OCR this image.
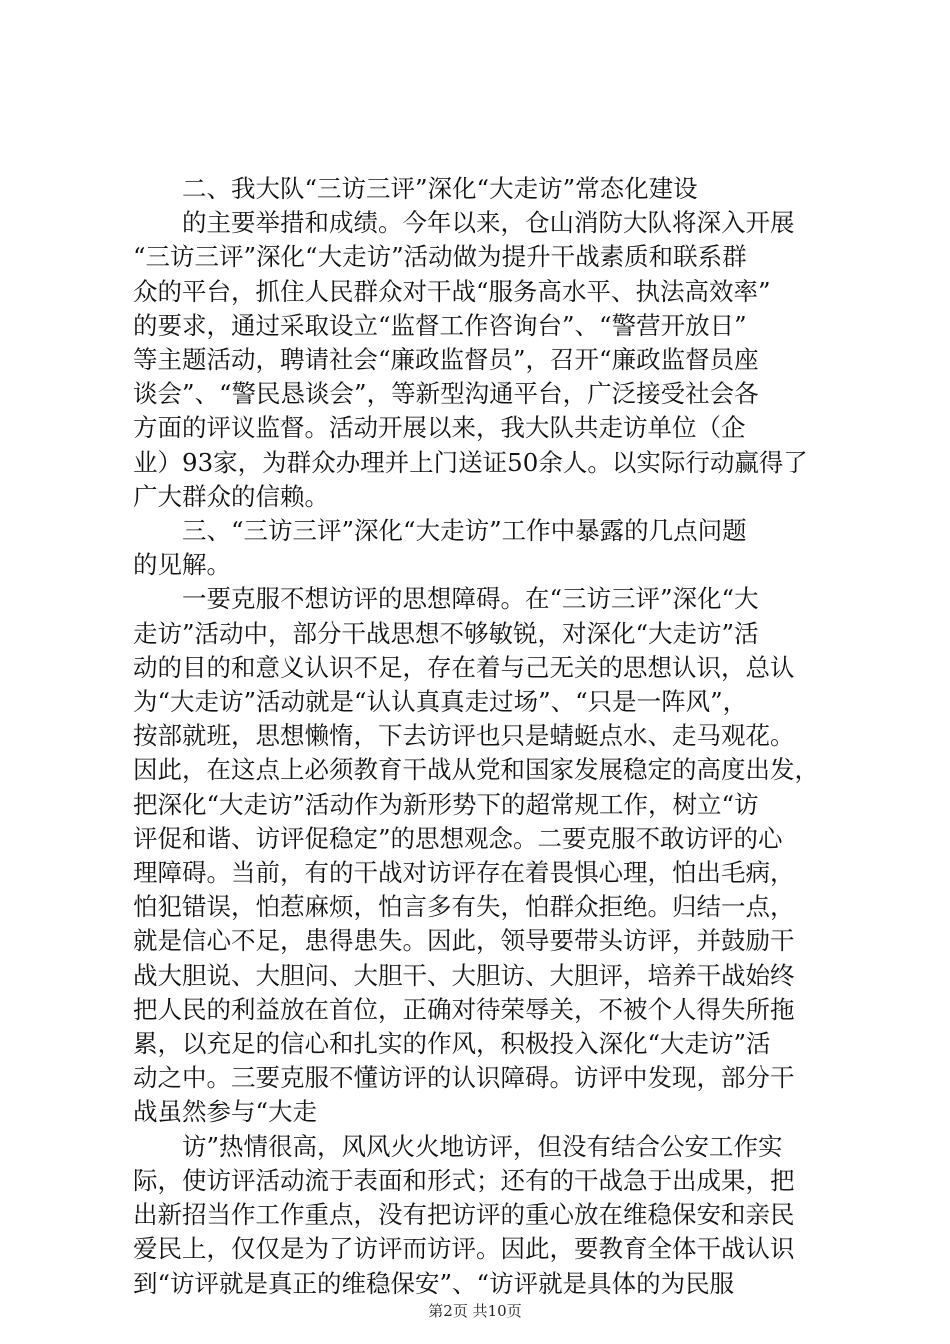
二、我大队“三访三评”深化“大走访”常态化建设

的主要举措和成绩。今年以来，仓山消防大队将深入开展

“三访三评”深化“大走访”活动做为提升干战素质和联系群

众的平台，抓住人民群众对干战“服务高水平、执法高效率”

的要求，通过采取设立“监督工作咨询台”、“警营开放日”

等主题活动，聘请社会“廉政监督员”，召开“廉政监督员座

谈会”、“警民恳谈会”，等新型沟通平台，广泛接受社会各

方面的评议监督。活动开展以来，我大队共走访单位（企

业）93家，为群众办理并上门送证50余人。以实际行动赢得了

广大群众的信赖。

三、“三访三评”深化“大走访”工作中暴露的几点问题

的见解。

一要克服不想访评的思想障碍。在“三访三评”深化“大

走访”活动中，部分干战思想不够敏锐，对深化“大走访”活

动的目的和意义认识不足，存在着与己无关的思想认识，总认

为“大走访”活动就是“认认真真走过场”、“只是一阵风”，

按部就班，思想懒惰，下去访评也只是蜻蜓点水、走马观花。

因此，在这点上必须教育干战从党和国家发展稳定的高度出发，

把深化“大走访”活动作为新形势下的超常规工作，树立“访

评促和谐、访评促稳定”的思想观念。二要克服不敢访评的心

理障碍。当前，有的干战对访评存在着畏惧心理，怕出毛病，

怕犯错误，怕惹麻烦，怕言多有失，怕群众拒绝。归结一点，

就是信心不足，患得患失。因此，领导要带头访评，并鼓励干

战大胆说、大胆问、大胆干、大胆访、大胆评，培养干战始终

把人民的利益放在首位，正确对待荣辱关，不被个人得失所拖

累，以充足的信心和扎实的作风，积极投入深化“大走访”活

动之中。三要克服不懂访评的认识障碍。访评中发现，部分干

战虽然参与“大走

访”热情很高，风风火火地访评，但没有结合公安工作实

际，使访评活动流于表面和形式；还有的干战急于出成果，把

出新招当作工作重点，没有把访评的重心放在维稳保安和亲民

爱民上，仅仅是为了访评而访评。因此，要教育全体干战认识

到“访评就是真正的维稳保安”、“访评就是具体的为民服

第2页 共10页
